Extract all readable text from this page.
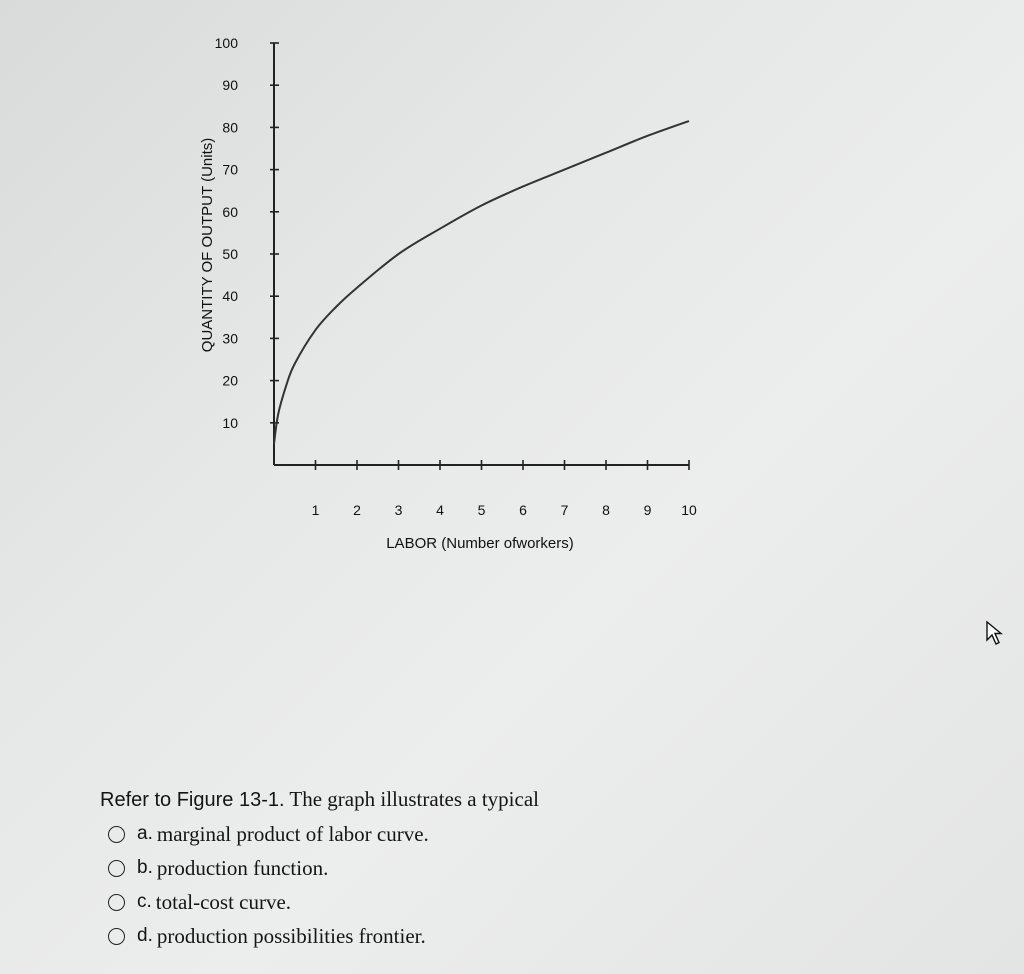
10
20
30
40
50
60
70
80
90
100
1 2 3 4 5 6 7 8 9 10
LABOR (Number ofworkers)
QUANTITY OF OUTPUT (Units)
Refer to Figure 13-1. The graph illustrates a typical
a. marginal product of labor curve.
b. production function.
c. total-cost curve.
d. production possibilities frontier.
